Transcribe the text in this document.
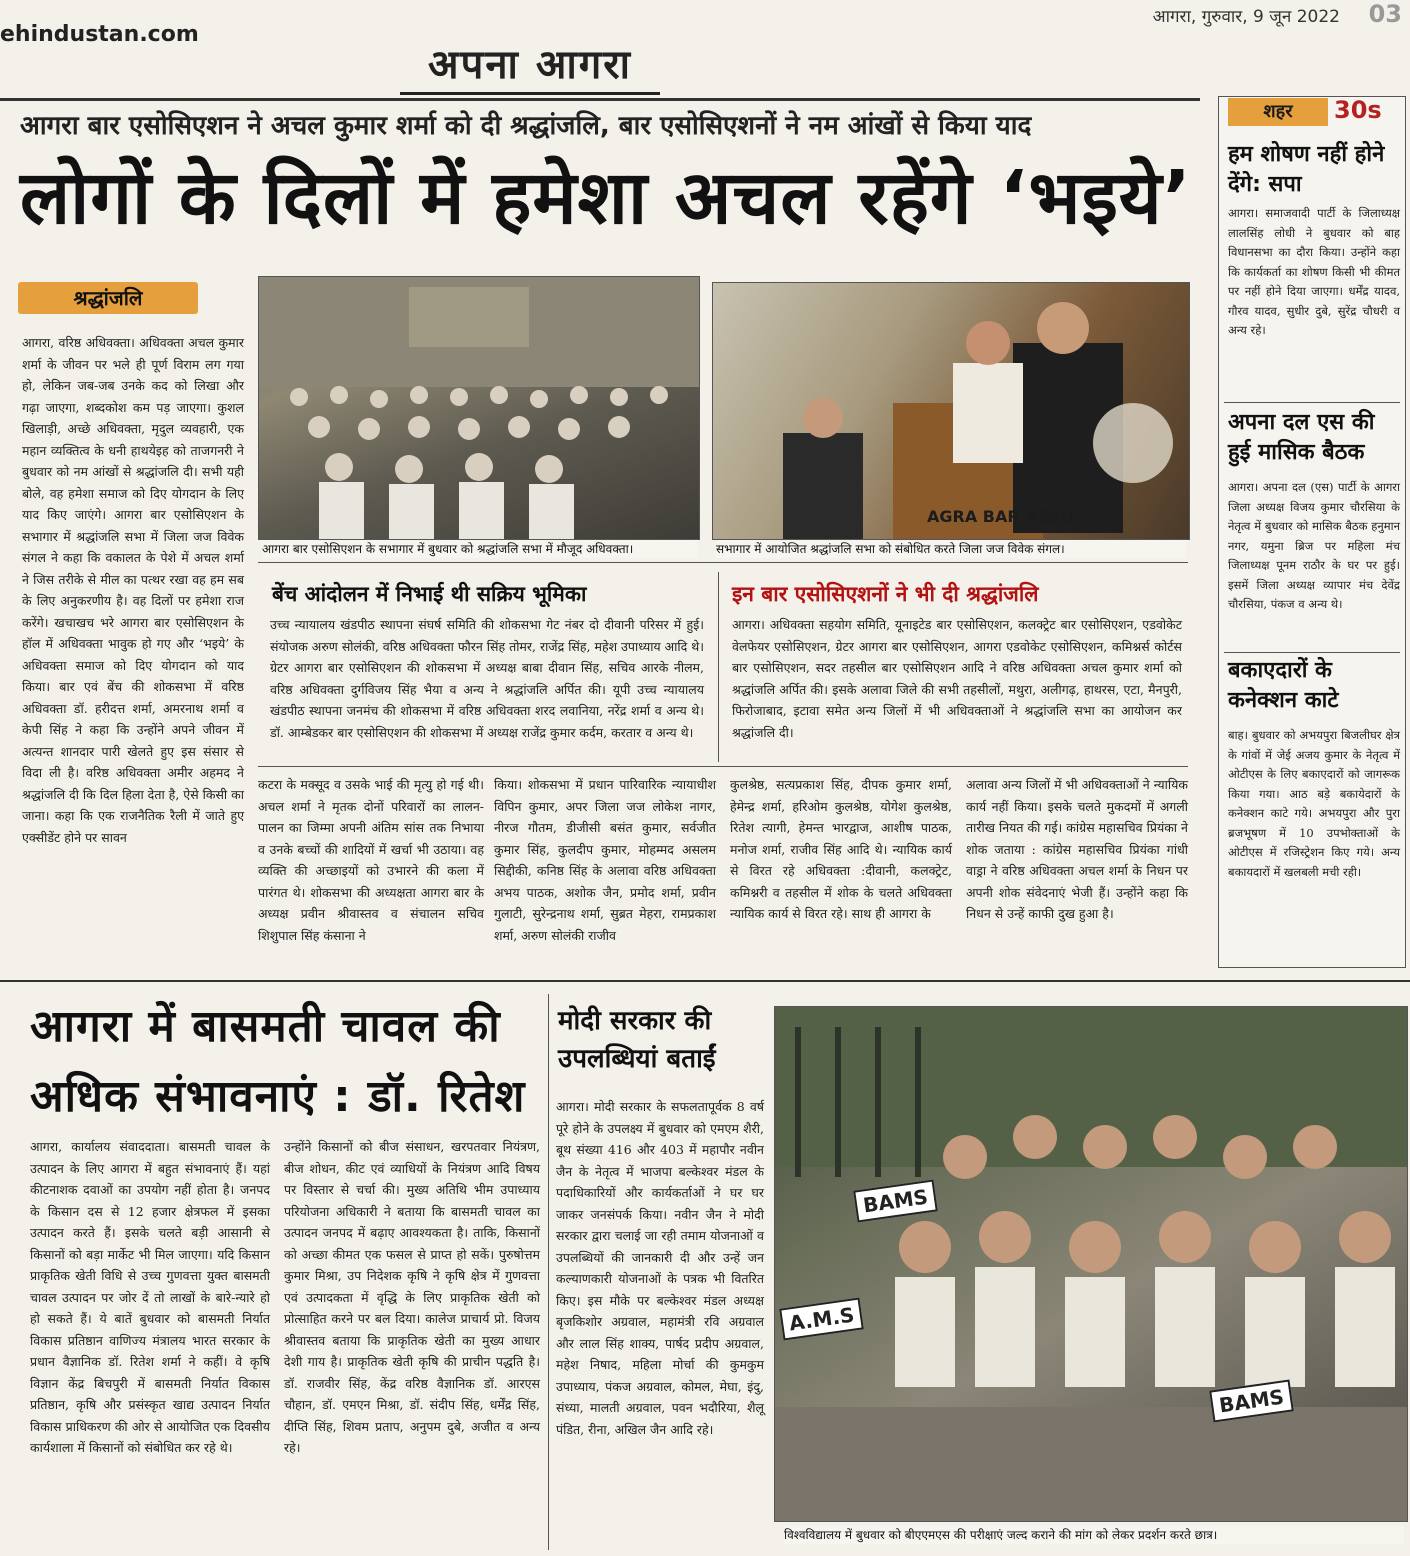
ehindustan.com
आगरा, गुरुवार, 9 जून 2022 03
अपना आगरा
आगरा बार एसोसिएशन ने अचल कुमार शर्मा को दी श्रद्धांजलि, बार एसोसिएशनों ने नम आंखों से किया याद
लोगों के दिलों में हमेशा अचल रहेंगे ‘भइये’
श्रद्धांजलि
आगरा, वरिष्ठ अधिवक्ता। अधिवक्ता अचल कुमार शर्मा के जीवन पर भले ही पूर्ण विराम लग गया हो, लेकिन जब-जब उनके कद को लिखा और गढ़ा जाएगा, शब्दकोश कम पड़ जाएगा। कुशल खिलाड़ी, अच्छे अधिवक्ता, मृदुल व्यवहारी, एक महान व्यक्तित्व के धनी हाथयेइह को ताजगनरी ने बुधवार को नम आंखों से श्रद्धांजलि दी। सभी यही बोले, वह हमेशा समाज को दिए योगदान के लिए याद किए जाएंगे। आगरा बार एसोसिएशन के सभागार में श्रद्धांजलि सभा में जिला जज विवेक संगल ने कहा कि वकालत के पेशे में अचल शर्मा ने जिस तरीके से मील का पत्थर रखा वह हम सब के लिए अनुकरणीय है। वह दिलों पर हमेशा राज करेंगे। खचाखच भरे आगरा बार एसोसिएशन के हॉल में अधिवक्ता भावुक हो गए और ‘भइये’ के अधिवक्ता समाज को दिए योगदान को याद किया। बार एवं बेंच की शोकसभा में वरिष्ठ अधिवक्ता डॉ. हरीदत्त शर्मा, अमरनाथ शर्मा व केपी सिंह ने कहा कि उन्होंने अपने जीवन में अत्यन्त शानदार पारी खेलते हुए इस संसार से विदा ली है। वरिष्ठ अधिवक्ता अमीर अहमद ने श्रद्धांजलि दी कि दिल हिला देता है, ऐसे किसी का जाना। कहा कि एक राजनैतिक रैली में जाते हुए एक्सीडेंट होने पर सावन
आगरा बार एसोसिएशन के सभागार में बुधवार को श्रद्धांजलि सभा में मौजूद अधिवक्ता।
AGRA BAR ASSO
सभागार में आयोजित श्रद्धांजलि सभा को संबोधित करते जिला जज विवेक संगल।
बेंच आंदोलन में निभाई थी सक्रिय भूमिका
उच्च न्यायालय खंडपीठ स्थापना संघर्ष समिति की शोकसभा गेट नंबर दो दीवानी परिसर में हुई। संयोजक अरुण सोलंकी, वरिष्ठ अधिवक्ता फौरन सिंह तोमर, राजेंद्र सिंह, महेश उपाध्याय आदि थे। ग्रेटर आगरा बार एसोसिएशन की शोकसभा में अध्यक्ष बाबा दीवान सिंह, सचिव आरके नीलम, वरिष्ठ अधिवक्ता दुर्गविजय सिंह भैया व अन्य ने श्रद्धांजलि अर्पित की। यूपी उच्च न्यायालय खंडपीठ स्थापना जनमंच की शोकसभा में वरिष्ठ अधिवक्ता शरद लवानिया, नरेंद्र शर्मा व अन्य थे। डॉ. आम्बेडकर बार एसोसिएशन की शोकसभा में अध्यक्ष राजेंद्र कुमार कर्दम, करतार व अन्य थे।
इन बार एसोसिएशनों ने भी दी श्रद्धांजलि
आगरा। अधिवक्ता सहयोग समिति, यूनाइटेड बार एसोसिएशन, कलक्ट्रेट बार एसोसिएशन, एडवोकेट वेलफेयर एसोसिएशन, ग्रेटर आगरा बार एसोसिएशन, आगरा एडवोकेट एसोसिएशन, कमिश्नर्स कोर्टस बार एसोसिएशन, सदर तहसील बार एसोसिएशन आदि ने वरिष्ठ अधिवक्ता अचल कुमार शर्मा को श्रद्धांजलि अर्पित की। इसके अलावा जिले की सभी तहसीलों, मथुरा, अलीगढ़, हाथरस, एटा, मैनपुरी, फिरोजाबाद, इटावा समेत अन्य जिलों में भी अधिवक्ताओं ने श्रद्धांजलि सभा का आयोजन कर श्रद्धांजलि दी।
कटरा के मक्सूद व उसके भाई की मृत्यु हो गई थी। अचल शर्मा ने मृतक दोनों परिवारों का लालन-पालन का जिम्मा अपनी अंतिम सांस तक निभाया व उनके बच्चों की शादियों में खर्चा भी उठाया। वह व्यक्ति की अच्छाइयों को उभारने की कला में पारंगत थे। शोकसभा की अध्यक्षता आगरा बार के अध्यक्ष प्रवीन श्रीवास्तव व संचालन सचिव शिशुपाल सिंह कंसाना ने
किया। शोकसभा में प्रधान पारिवारिक न्यायाधीश विपिन कुमार, अपर जिला जज लोकेश नागर, नीरज गौतम, डीजीसी बसंत कुमार, सर्वजीत कुमार सिंह, कुलदीप कुमार, मोहम्मद असलम सिद्दीकी, कनिष्ठ सिंह के अलावा वरिष्ठ अधिवक्ता अभय पाठक, अशोक जैन, प्रमोद शर्मा, प्रवीन गुलाटी, सुरेन्द्रनाथ शर्मा, सुब्रत मेहरा, रामप्रकाश शर्मा, अरुण सोलंकी राजीव
कुलश्रेष्ठ, सत्यप्रकाश सिंह, दीपक कुमार शर्मा, हेमेन्द्र शर्मा, हरिओम कुलश्रेष्ठ, योगेश कुलश्रेष्ठ, रितेश त्यागी, हेमन्त भारद्वाज, आशीष पाठक, मनोज शर्मा, राजीव सिंह आदि थे। न्यायिक कार्य से विरत रहे अधिवक्ता :दीवानी, कलक्ट्रेट, कमिश्नरी व तहसील में शोक के चलते अधिवक्ता न्यायिक कार्य से विरत रहे। साथ ही आगरा के
अलावा अन्य जिलों में भी अधिवक्ताओं ने न्यायिक कार्य नहीं किया। इसके चलते मुकदमों में अगली तारीख नियत की गई। कांग्रेस महासचिव प्रियंका ने शोक जताया : कांग्रेस महासचिव प्रियंका गांधी वाड्रा ने वरिष्ठ अधिवक्ता अचल शर्मा के निधन पर अपनी शोक संवेदनाएं भेजी हैं। उन्होंने कहा कि निधन से उन्हें काफी दुख हुआ है।
शहर	30s
हम शोषण नहीं होने देंगे: सपा
आगरा। समाजवादी पार्टी के जिलाध्यक्ष लालसिंह लोधी ने बुधवार को बाह विधानसभा का दौरा किया। उन्होंने कहा कि कार्यकर्ता का शोषण किसी भी कीमत पर नहीं होने दिया जाएगा। धर्मेंद्र यादव, गौरव यादव, सुधीर दुबे, सुरेंद्र चौधरी व अन्य रहे।
अपना दल एस की हुई मासिक बैठक
आगरा। अपना दल (एस) पार्टी के आगरा जिला अध्यक्ष विजय कुमार चौरसिया के नेतृत्व में बुधवार को मासिक बैठक हनुमान नगर, यमुना ब्रिज पर महिला मंच जिलाध्यक्ष पूनम राठौर के घर पर हुई। इसमें जिला अध्यक्ष व्यापार मंच देवेंद्र चौरसिया, पंकज व अन्य थे।
बकाएदारों के कनेक्शन काटे
बाह। बुधवार को अभयपुरा बिजलीघर क्षेत्र के गांवों में जेई अजय कुमार के नेतृत्व में ओटीएस के लिए बकाएदारों को जागरूक किया गया। आठ बड़े बकायेदारों के कनेक्शन काटे गये। अभयपुरा और पुरा ब्रजभूषण में 10 उपभोक्ताओं के ओटीएस में रजिस्ट्रेशन किए गये। अन्य बकायदारों में खलबली मची रही।
आगरा में बासमती चावल की
अधिक संभावनाएं : डॉ. रितेश
आगरा, कार्यालय संवाददाता। बासमती चावल के उत्पादन के लिए आगरा में बहुत संभावनाएं हैं। यहां कीटनाशक दवाओं का उपयोग नहीं होता है। जनपद के किसान दस से 12 हजार क्षेत्रफल में इसका उत्पादन करते हैं। इसके चलते बड़ी आसानी से किसानों को बड़ा मार्केट भी मिल जाएगा। यदि किसान प्राकृतिक खेती विधि से उच्च गुणवत्ता युक्त बासमती चावल उत्पादन पर जोर दें तो लाखों के बारे-न्यारे हो हो सकते हैं। ये बातें बुधवार को बासमती निर्यात विकास प्रतिष्ठान वाणिज्य मंत्रालय भारत सरकार के प्रधान वैज्ञानिक डॉ. रितेश शर्मा ने कहीं। वे कृषि विज्ञान केंद्र बिचपुरी में बासमती निर्यात विकास प्रतिष्ठान, कृषि और प्रसंस्कृत खाद्य उत्पादन निर्यात विकास प्राधिकरण की ओर से आयोजित एक दिवसीय कार्यशाला में किसानों को संबोधित कर रहे थे।
उन्होंने किसानों को बीज संसाधन, खरपतवार नियंत्रण, बीज शोधन, कीट एवं व्याधियों के नियंत्रण आदि विषय पर विस्तार से चर्चा की। मुख्य अतिथि भीम उपाध्याय परियोजना अधिकारी ने बताया कि बासमती चावल का उत्पादन जनपद में बढ़ाए आवश्यकता है। ताकि, किसानों को अच्छा कीमत एक फसल से प्राप्त हो सकें। पुरुषोत्तम कुमार मिश्रा, उप निदेशक कृषि ने कृषि क्षेत्र में गुणवत्ता एवं उत्पादकता में वृद्धि के लिए प्राकृतिक खेती को प्रोत्साहित करने पर बल दिया। कालेज प्राचार्य प्रो. विजय श्रीवास्तव बताया कि प्राकृतिक खेती का मुख्य आधार देशी गाय है। प्राकृतिक खेती कृषि की प्राचीन पद्धति है। डॉ. राजवीर सिंह, केंद्र वरिष्ठ वैज्ञानिक डॉ. आरएस चौहान, डॉ. एमएन मिश्रा, डॉ. संदीप सिंह, धर्मेंद्र सिंह, दीप्ति सिंह, शिवम प्रताप, अनुपम दुबे, अजीत व अन्य रहे।
मोदी सरकार की उपलब्धियां बताईं
आगरा। मोदी सरकार के सफलतापूर्वक 8 वर्ष पूरे होने के उपलक्ष्य में बुधवार को एमएम शैरी, बूथ संख्या 416 और 403 में महापौर नवीन जैन के नेतृत्व में भाजपा बल्केश्वर मंडल के पदाधिकारियों और कार्यकर्ताओं ने घर घर जाकर जनसंपर्क किया। नवीन जैन ने मोदी सरकार द्वारा चलाई जा रही तमाम योजनाओं व उपलब्धियों की जानकारी दी और उन्हें जन कल्याणकारी योजनाओं के पत्रक भी वितरित किए। इस मौके पर बल्केश्वर मंडल अध्यक्ष बृजकिशोर अग्रवाल, महामंत्री रवि अग्रवाल और लाल सिंह शाक्य, पार्षद प्रदीप अग्रवाल, महेश निषाद, महिला मोर्चा की कुमकुम उपाध्याय, पंकज अग्रवाल, कोमल, मेघा, इंदु, संध्या, मालती अग्रवाल, पवन भदौरिया, शैलू पंडित, रीना, अखिल जैन आदि रहे।
BAMS
A.M.S
BAMS
विश्वविद्यालय में बुधवार को बीएएमएस की परीक्षाएं जल्द कराने की मांग को लेकर प्रदर्शन करते छात्र।
